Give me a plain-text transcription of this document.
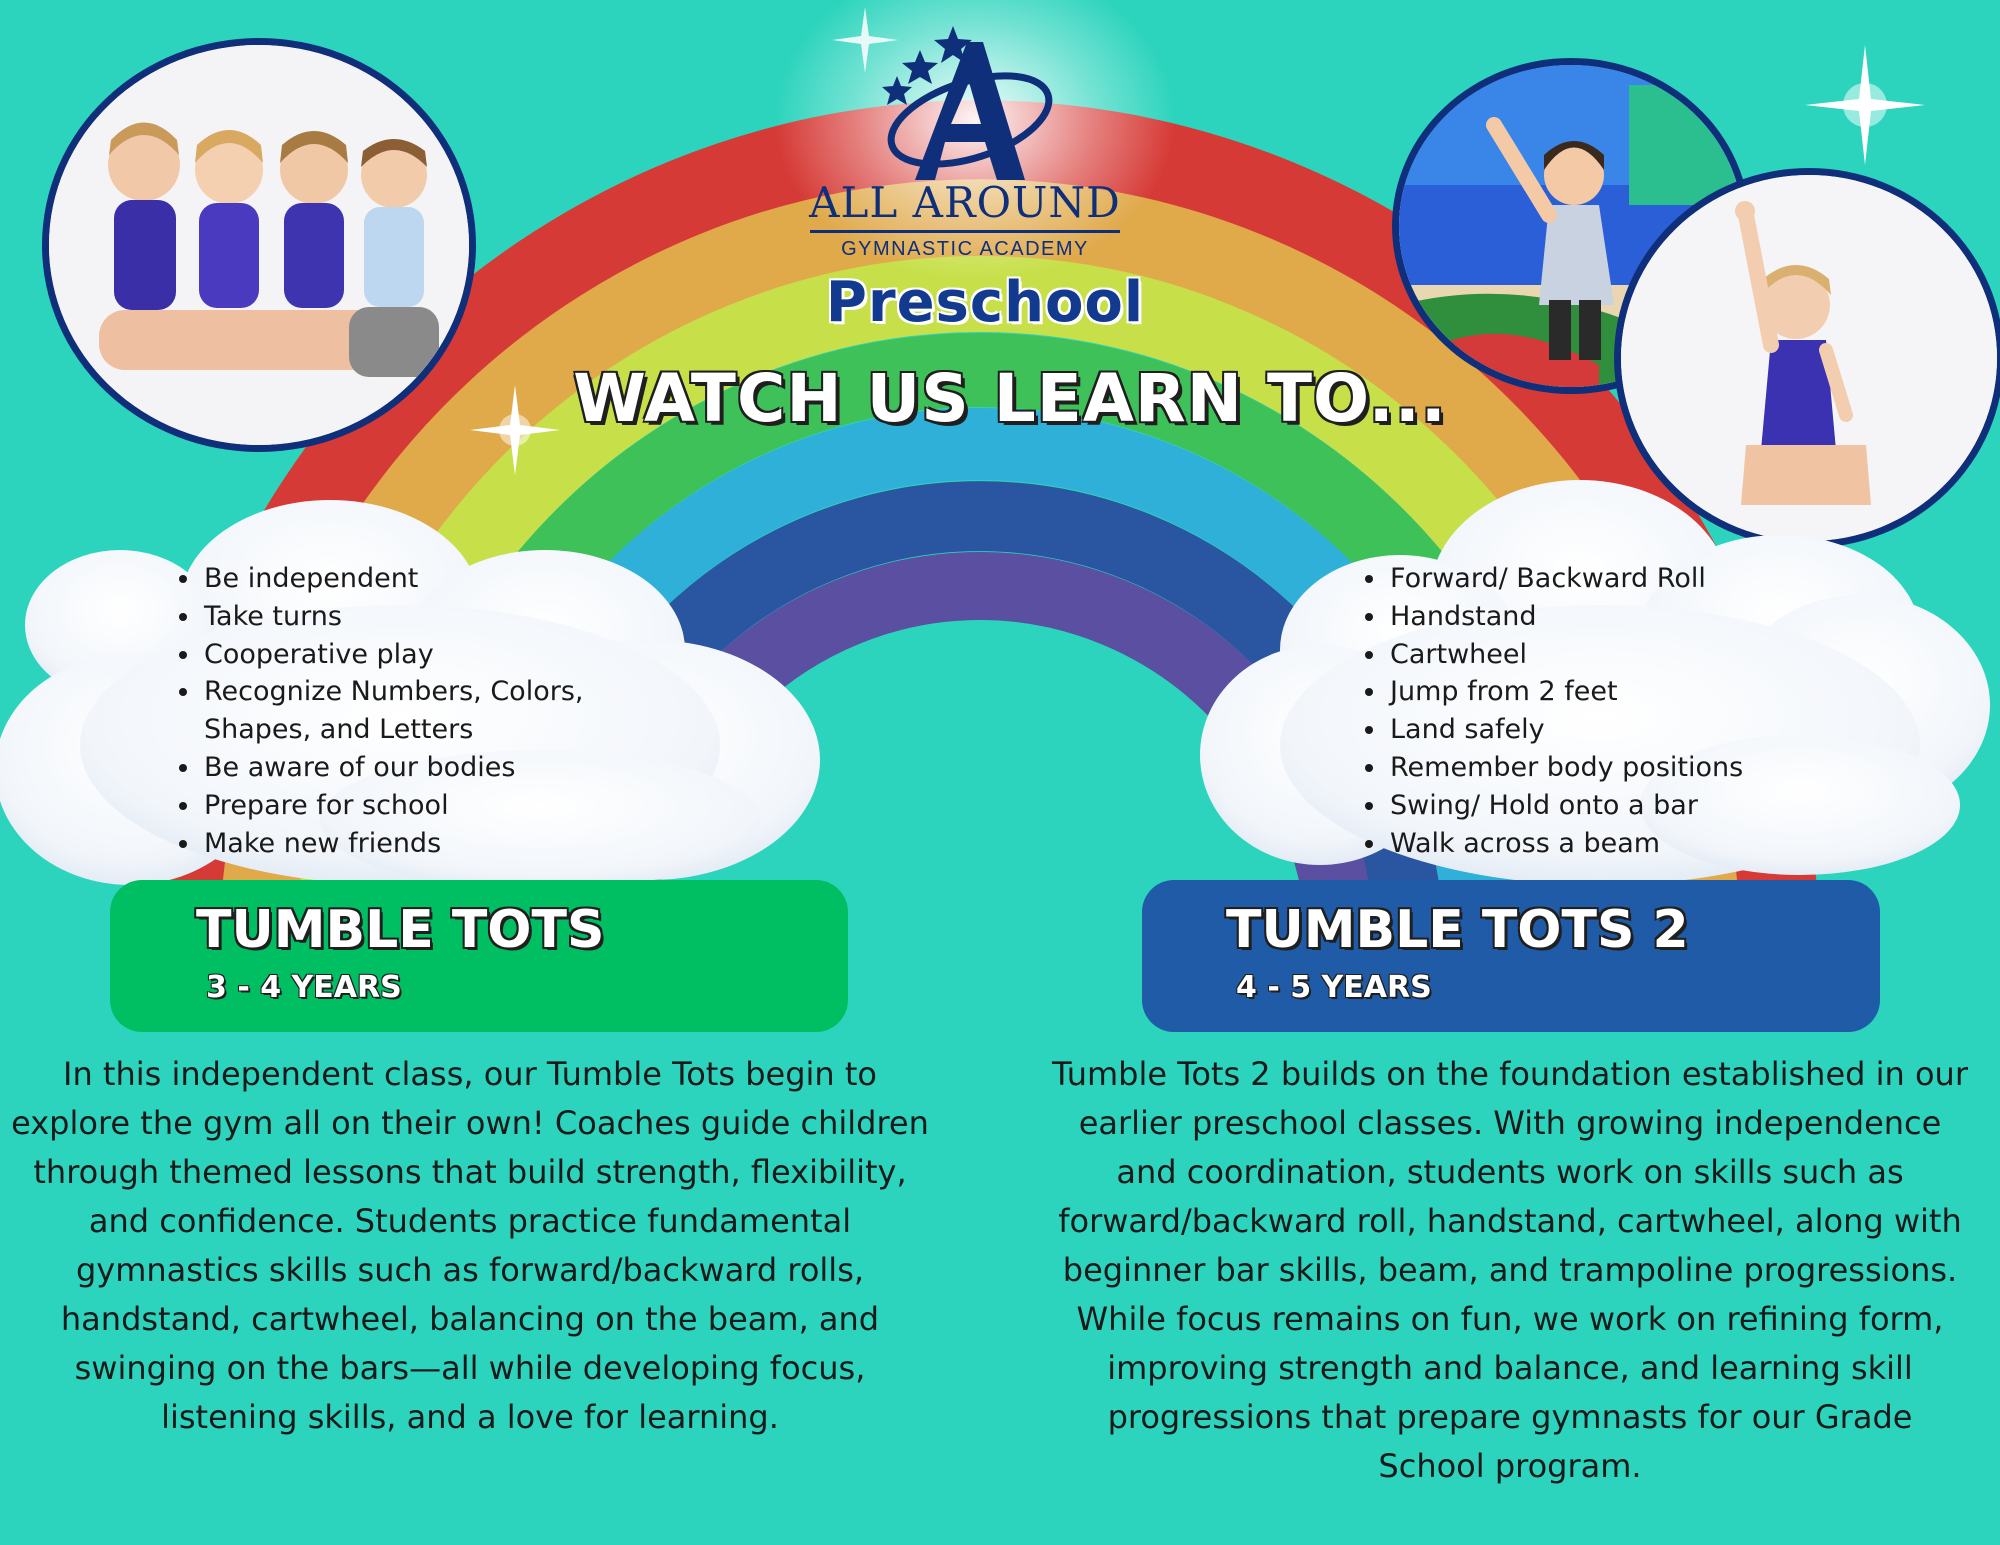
ALL AROUND
GYMNASTIC ACADEMY
Preschool
WATCH US LEARN TO...
• Be independent
• Take turns
• Cooperative play
• Recognize Numbers, Colors, Shapes, and Letters
• Be aware of our bodies
• Prepare for school
• Make new friends
• Forward/ Backward Roll
• Handstand
• Cartwheel
• Jump from 2 feet
• Land safely
• Remember body positions
• Swing/ Hold onto a bar
• Walk across a beam
TUMBLE TOTS
3 - 4 YEARS
TUMBLE TOTS 2
4 - 5 YEARS

In this independent class, our Tumble Tots begin to explore the gym all on their own! Coaches guide children through themed lessons that build strength, flexibility, and confidence. Students practice fundamental gymnastics skills such as forward/backward rolls, handstand, cartwheel, balancing on the beam, and swinging on the bars—all while developing focus, listening skills, and a love for learning.

Tumble Tots 2 builds on the foundation established in our earlier preschool classes. With growing independence and coordination, students work on skills such as forward/backward roll, handstand, cartwheel, along with beginner bar skills, beam, and trampoline progressions. While focus remains on fun, we work on refining form, improving strength and balance, and learning skill progressions that prepare gymnasts for our Grade School program.
